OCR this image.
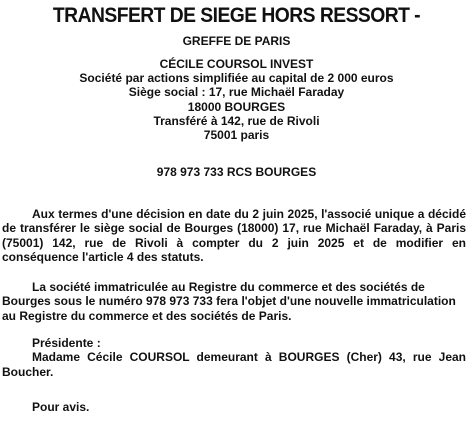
TRANSFERT DE SIEGE HORS RESSORT -
GREFFE DE PARIS
CÉCILE COURSOL INVEST
Société par actions simplifiée au capital de 2 000 euros
Siège social : 17, rue Michaël Faraday
18000 BOURGES
Transféré à 142, rue de Rivoli
75001 paris
978 973 733 RCS BOURGES
Aux termes d'une décision en date du 2 juin 2025, l'associé unique a décidé de transférer le siège social de Bourges (18000) 17, rue Michaël Faraday, à Paris (75001) 142, rue de Rivoli à compter du 2 juin 2025 et de modifier en conséquence l'article 4 des statuts.
La société immatriculée au Registre du commerce et des sociétés de Bourges sous le numéro 978 973 733 fera l'objet d'une nouvelle immatriculation au Registre du commerce et des sociétés de Paris.
Présidente :
Madame Cécile COURSOL demeurant à BOURGES (Cher) 43, rue Jean Boucher.
Pour avis.
